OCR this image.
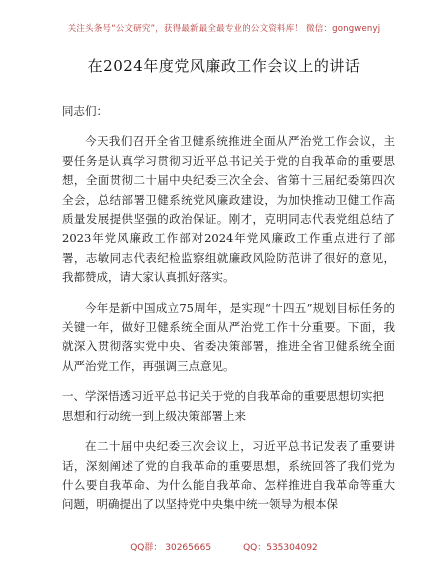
关注头条号“公文研究”，获得最新最全最专业的公文资料库！ 微信：gongwenyj
在2024年度党风廉政工作会议上的讲话

同志们：

今天我们召开全省卫健系统推进全面从严治党工作会议，主要任务是认真学习贯彻习近平总书记关于党的自我革命的重要思想，全面贯彻二十届中央纪委三次全会、省第十三届纪委第四次全会，总结部署卫健系统党风廉政建设，为加快推动卫健工作高质量发展提供坚强的政治保证。刚才，克明同志代表党组总结了2023年党风廉政工作部对2024年党风廉政工作重点进行了部署，志敏同志代表纪检监察组就廉政风险防范讲了很好的意见，我都赞成，请大家认真抓好落实。

今年是新中国成立75周年，是实现“十四五”规划目标任务的关键一年，做好卫健系统全面从严治党工作十分重要。下面，我就深入贯彻落实党中央、省委决策部署，推进全省卫健系统全面从严治党工作，再强调三点意见。

一、学深悟透习近平总书记关于党的自我革命的重要思想切实把思想和行动统一到上级决策部署上来

在二十届中央纪委三次会议上，习近平总书记发表了重要讲话，深刻阐述了党的自我革命的重要思想，系统回答了我们党为什么要自我革命、为什么能自我革命、怎样推进自我革命等重大问题，明确提出了以坚持党中央集中统一领导为根本保

QQ群： 30265665	QQ：535304092
